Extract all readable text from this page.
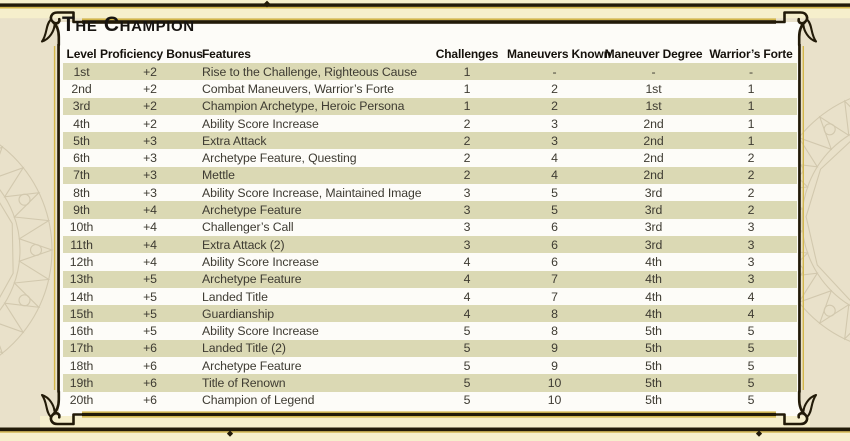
The Champion
Level	Proficiency Bonus	Features	Challenges	Maneuvers Known	Maneuver Degree	Warrior’s Forte
1st	+2	Rise to the Challenge, Righteous Cause	1	-	-	-
2nd	+2	Combat Maneuvers, Warrior’s Forte	1	2	1st	1
3rd	+2	Champion Archetype, Heroic Persona	1	2	1st	1
4th	+2	Ability Score Increase	2	3	2nd	1
5th	+3	Extra Attack	2	3	2nd	1
6th	+3	Archetype Feature, Questing	2	4	2nd	2
7th	+3	Mettle	2	4	2nd	2
8th	+3	Ability Score Increase, Maintained Image	3	5	3rd	2
9th	+4	Archetype Feature	3	5	3rd	2
10th	+4	Challenger’s Call	3	6	3rd	3
11th	+4	Extra Attack (2)	3	6	3rd	3
12th	+4	Ability Score Increase	4	6	4th	3
13th	+5	Archetype Feature	4	7	4th	3
14th	+5	Landed Title	4	7	4th	4
15th	+5	Guardianship	4	8	4th	4
16th	+5	Ability Score Increase	5	8	5th	5
17th	+6	Landed Title (2)	5	9	5th	5
18th	+6	Archetype Feature	5	9	5th	5
19th	+6	Title of Renown	5	10	5th	5
20th	+6	Champion of Legend	5	10	5th	5
